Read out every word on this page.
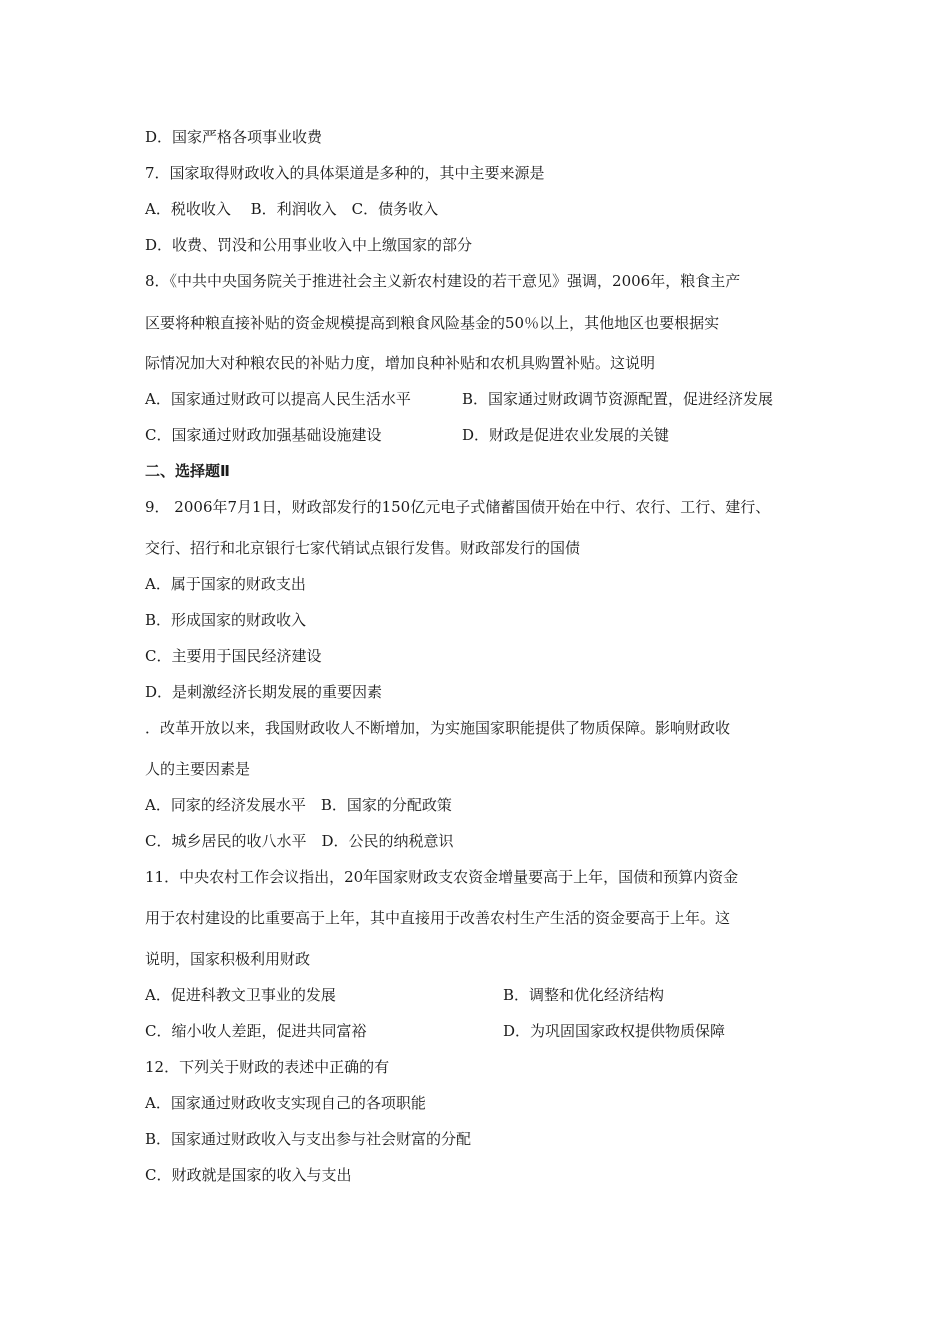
D．国家严格各项事业收费
7．国家取得财政收入的具体渠道是多种的，其中主要来源是
A．税收收入　 B．利润收入　C．债务收入
D．收费、罚没和公用事业收入中上缴国家的部分
8．《中共中央国务院关于推进社会主义新农村建设的若干意见》强调，2006年，粮食主产
区要将种粮直接补贴的资金规模提高到粮食风险基金的50％以上，其他地区也要根据实
际情况加大对种粮农民的补贴力度，增加良种补贴和农机具购置补贴。这说明
A．国家通过财政可以提高人民生活水平	B．国家通过财政调节资源配置，促进经济发展
C．国家通过财政加强基础设施建设	D．财政是促进农业发展的关键
二、选择题Ⅱ
9． 2006年7月1日，财政部发行的150亿元电子式储蓄国债开始在中行、农行、工行、建行、
交行、招行和北京银行七家代销试点银行发售。财政部发行的国债
A．属于国家的财政支出
B．形成国家的财政收入
C．主要用于国民经济建设
D．是刺激经济长期发展的重要因素
．改革开放以来，我国财政收人不断增加，为实施国家职能提供了物质保障。影响财政收
人的主要因素是
A．同家的经济发展水平　B．国家的分配政策
C．城乡居民的收八水平　D．公民的纳税意识
11．中央农村工作会议指出，20年国家财政支农资金增量要高于上年，国债和预算内资金
用于农村建设的比重要高于上年，其中直接用于改善农村生产生活的资金要高于上年。这
说明，国家积极利用财政
A．促进科教文卫事业的发展	B．调整和优化经济结构
C．缩小收人差距，促进共同富裕	D．为巩固国家政权提供物质保障
12．下列关于财政的表述中正确的有
A．国家通过财政收支实现自己的各项职能
B．国家通过财政收入与支出参与社会财富的分配
C．财政就是国家的收入与支出
